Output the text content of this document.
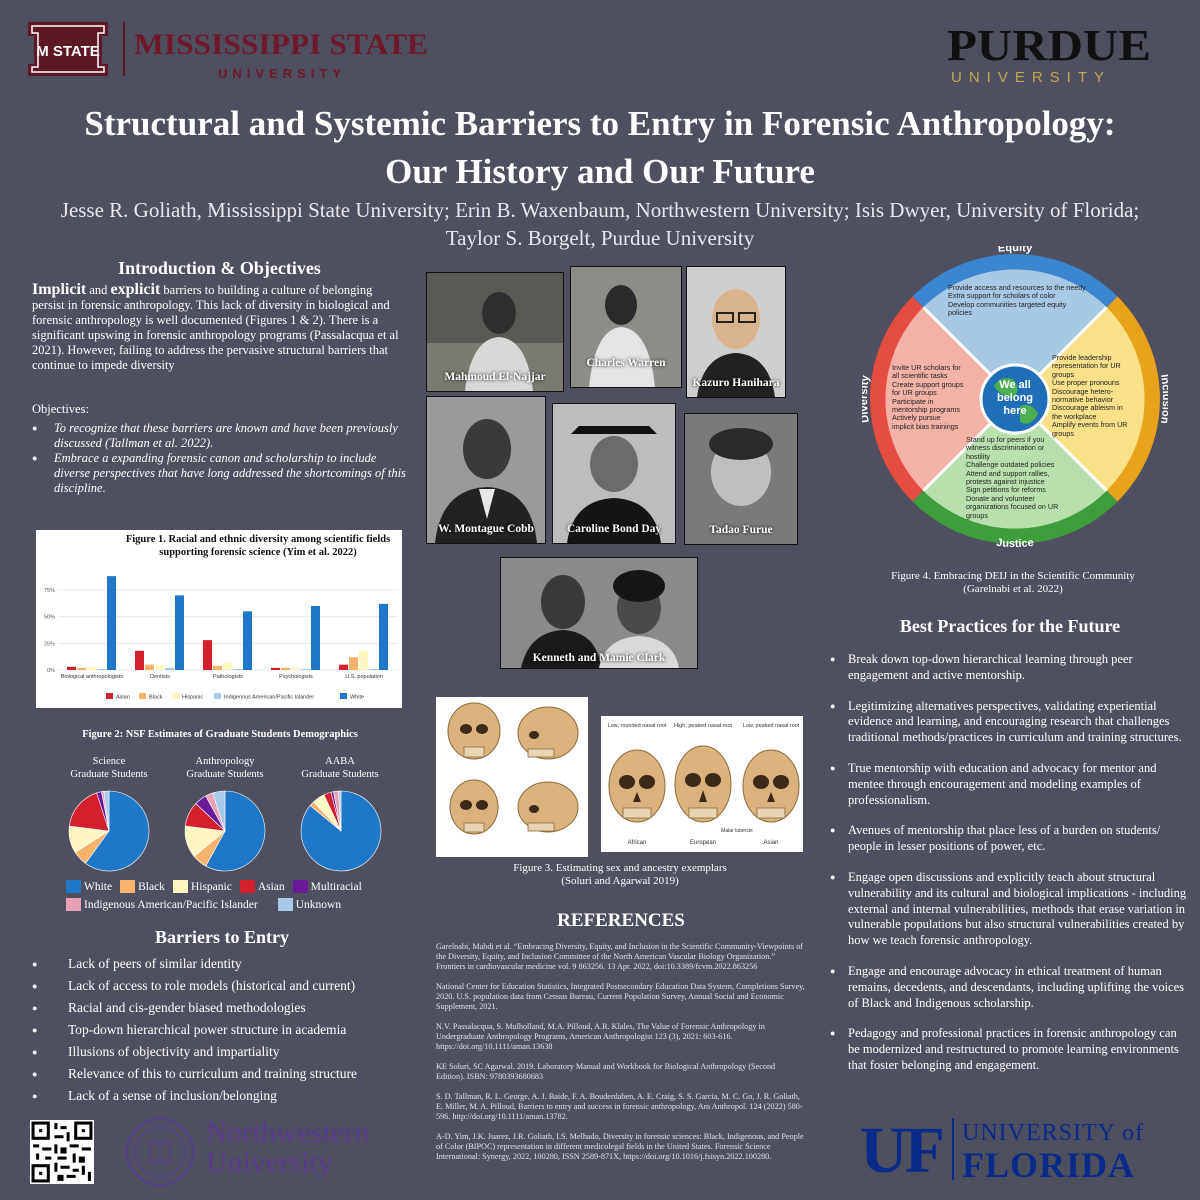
M STATE MISSISSIPPI STATE
UNIVERSITY
PURDUE
UNIVERSITY
Structural and Systemic Barriers to Entry in Forensic Anthropology:
Our History and Our Future
Jesse R. Goliath, Mississippi State University; Erin B. Waxenbaum, Northwestern University; Isis Dwyer, University of Florida;
Taylor S. Borgelt, Purdue University
Introduction & Objectives
Implicit and explicit barriers to building a culture of belonging persist in forensic anthropology. This lack of diversity in biological and forensic anthropology is well documented (Figures 1 & 2). There is a significant upswing in forensic anthropology programs (Passalacqua et al 2021). However, failing to address the pervasive structural barriers that continue to impede diversity
Objectives:
● To recognize that these barriers are known and have been previously discussed (Tallman et al. 2022).
● Embrace a expanding forensic canon and scholarship to include diverse perspectives that have long addressed the shortcomings of this discipline.
0%
25%
50%
75%
Biological anthropologists	Dentists	Pathologists	Psychologists	U.S. population
Asian	Black	Hispanic	Indigenous American/Pacific Islander	White
Figure 1. Racial and ethnic diversity among scientific fields supporting forensic science (Yim et al. 2022)
Figure 2: NSF Estimates of Graduate Students Demographics
Science
Graduate Students
Anthropology
Graduate Students
AABA
Graduate Students
White Black Hispanic Asian Multiracial
Indigenous American/Pacific Islander	Unknown
Barriers to Entry
● Lack of peers of similar identity
● Lack of access to role models (historical and current)
● Racial and cis-gender biased methodologies
● Top-down hierarchical power structure in academia
● Illusions of objectivity and impartiality
● Relevance of this to curriculum and training structure
● Lack of a sense of inclusion/belonging
Northwestern
University
Mahmoud El-Najjar
Charles Warren
Kazuro Hanihara
W. Montague Cobb	Caroline Bond Day	Tadao Furue
Kenneth and Mamie Clark
Low, rounded nasal root High, peaked nasal root Low, peaked nasal root
African	European	Asian
Malar tubercle
Figure 3. Estimating sex and ancestry exemplars
(Soluri and Agarwal 2019)
REFERENCES
Garelnabi, Mahdi et al. “Embracing Diversity, Equity, and Inclusion in the Scientific Community-Viewpoints of the Diversity, Equity, and Inclusion Committee of the North American Vascular Biology Organization.” Frontiers in cardiovascular medicine vol. 9 863256. 13 Apr. 2022, doi:10.3389/fcvm.2022.863256
National Center for Education Statistics, Integrated Postsecondary Education Data System, Completions Survey, 2020. U.S. population data from Census Bureau, Current Population Survey, Annual Social and Economic Supplement, 2021.
N.V. Passalacqua, S. Mulholland, M.A. Pilloud, A.R. Klales, The Value of Forensic Anthropology in Undergraduate Anthropology Programs, American Anthropologist 123 (3), 2021: 603-616. https://doi.org/10.1111/aman.13638
KE Soluri, SC Agarwal. 2019. Laboratory Manual and Workbook for Biological Anthropology (Second Edition). ISBN: 9780393680683
S. D. Tallman, R. L. George, A. J. Baide, F. A. Bouderdaben, A. E. Craig, S. S. Garcia, M. C. Go, J. R. Goliath, E. Miller, M. A. Pilloud, Barriers to entry and success in forensic anthropology, Am Anthropol. 124 (2022) 580-596. http://doi.org/10.1111/aman.13782.
A-D. Yim, J.K. Juarez, J.R. Goliath, I.S. Melhado, Diversity in forensic sciences: Black, Indigenous, and People of Color (BIPOC) representation in different medicolegal fields in the United States. Forensic Science International: Synergy, 2022, 100280, ISSN 2589-871X, https://doi.org/10.1016/j.fsisyn.2022.100280.
We all
belong
here
Equity
Justice
Provide access and resources to the needy
Extra support for scholars of color
Develop communities targeted equity policies
Provide leadership representation for UR groups
Use proper pronouns
Discourage hetero-normative behavior
Discourage ableism in the workplace
Amplify events from UR groups
Invite UR scholars for all scientific tasks
Create support groups for UR groups
Participate in mentorship programs
Actively pursue implicit bias trainings
Stand up for peers if you witness discrimination or hostility
Challenge outdated policies
Attend and support rallies, protests against injustice
Sign petitions for reforms
Donate and volunteer organizations focused on UR groups
Figure 4. Embracing DEIJ in the Scientific Community
(Garelnabi et al. 2022)
Best Practices for the Future
● Break down top-down hierarchical learning through peer engagement and active mentorship.
● Legitimizing alternatives perspectives, validating experiential evidence and learning, and encouraging research that challenges traditional methods/practices in curriculum and training structures.
● True mentorship with education and advocacy for mentor and mentee through encouragement and modeling examples of professionalism.
● Avenues of mentorship that place less of a burden on students/ people in lesser positions of power, etc.
● Engage open discussions and explicitly teach about structural vulnerability and its cultural and biological implications - including external and internal vulnerabilities, methods that erase variation in vulnerable populations but also structural vulnerabilities created by how we teach forensic anthropology.
● Engage and encourage advocacy in ethical treatment of human remains, decedents, and descendants, including uplifting the voices of Black and Indigenous scholarship.
● Pedagogy and professional practices in forensic anthropology can be modernized and restructured to promote learning environments that foster belonging and engagement.
UF UNIVERSITY of
FLORIDA
